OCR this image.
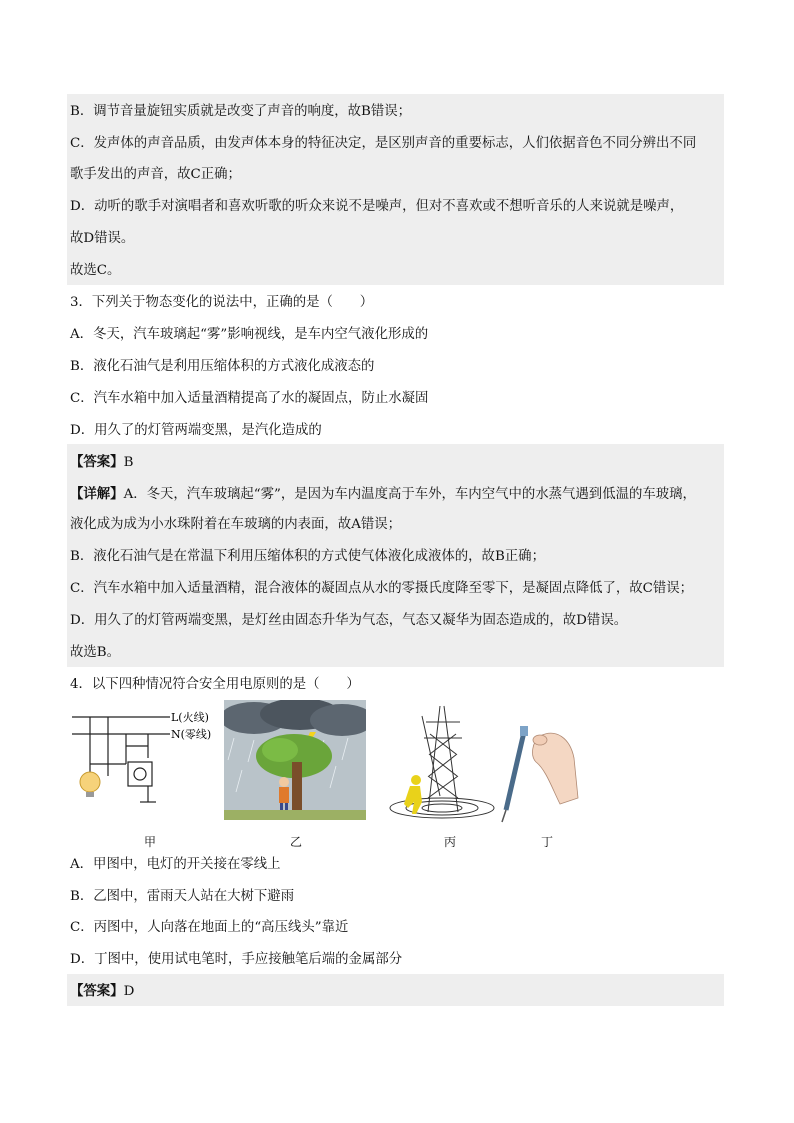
B．调节音量旋钮实质就是改变了声音的响度，故B错误；
C．发声体的声音品质，由发声体本身的特征决定，是区别声音的重要标志，人们依据音色不同分辨出不同
歌手发出的声音，故C正确；
D．动听的歌手对演唱者和喜欢听歌的听众来说不是噪声，但对不喜欢或不想听音乐的人来说就是噪声，
故D错误。
故选C。
3．下列关于物态变化的说法中，正确的是（　　）
A．冬天，汽车玻璃起“雾”影响视线，是车内空气液化形成的
B．液化石油气是利用压缩体积的方式液化成液态的
C．汽车水箱中加入适量酒精提高了水的凝固点，防止水凝固
D．用久了的灯管两端变黑，是汽化造成的
【答案】B
【详解】A．冬天，汽车玻璃起“雾”，是因为车内温度高于车外，车内空气中的水蒸气遇到低温的车玻璃，
液化成为成为小水珠附着在车玻璃的内表面，故A错误；
B．液化石油气是在常温下利用压缩体积的方式使气体液化成液体的，故B正确；
C．汽车水箱中加入适量酒精，混合液体的凝固点从水的零摄氏度降至零下，是凝固点降低了，故C错误；
D．用久了的灯管两端变黑，是灯丝由固态升华为气态，气态又凝华为固态造成的，故D错误。
故选B。
4．以下四种情况符合安全用电原则的是（　　）
L(火线)
N(零线)
甲	乙	丙	丁
A．甲图中，电灯的开关接在零线上
B．乙图中，雷雨天人站在大树下避雨
C．丙图中，人向落在地面上的“高压线头”靠近
D．丁图中，使用试电笔时，手应接触笔后端的金属部分
【答案】D
